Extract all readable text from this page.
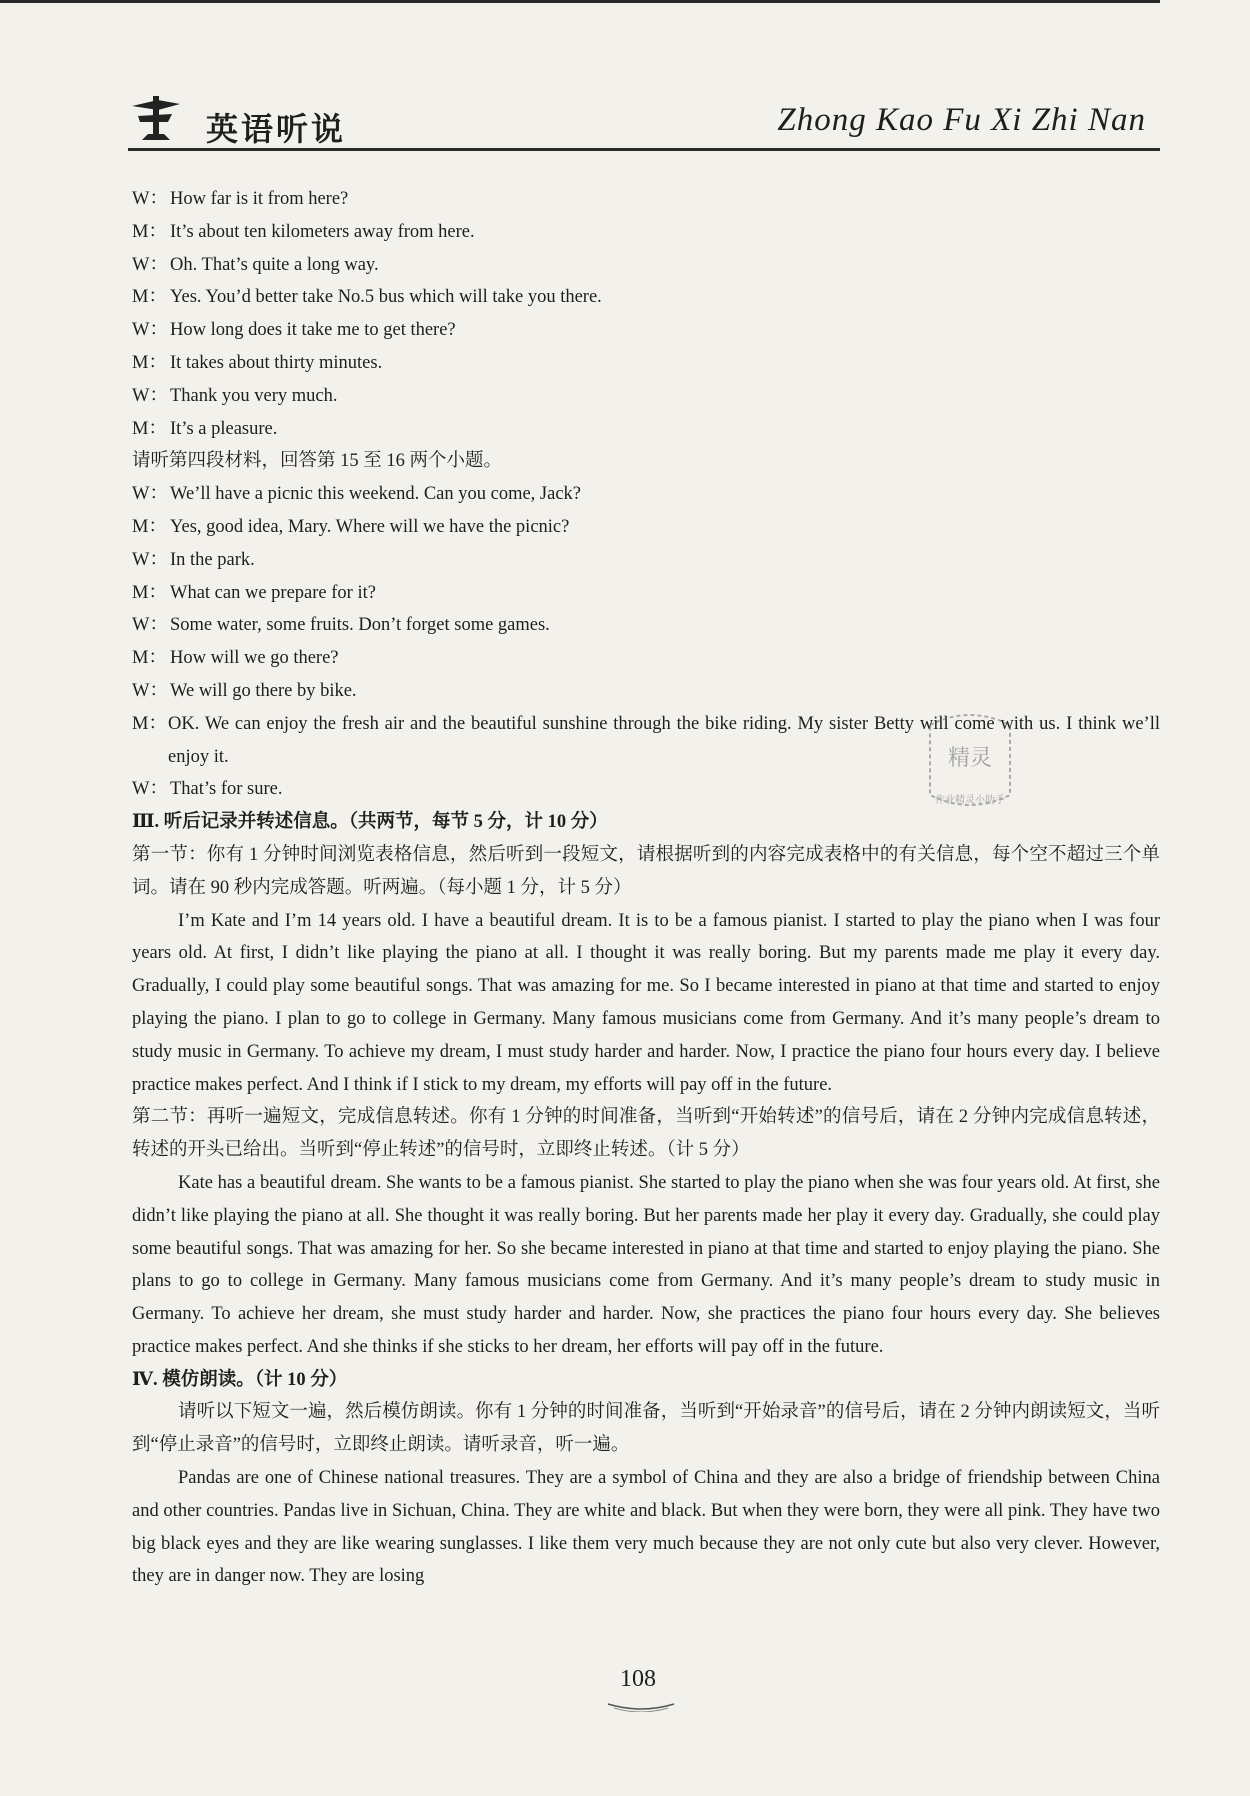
英语听说	Zhong Kao Fu Xi Zhi Nan
W： How far is it from here?
M： It’s about ten kilometers away from here.
W： Oh. That’s quite a long way.
M： Yes. You’d better take No.5 bus which will take you there.
W： How long does it take me to get there?
M： It takes about thirty minutes.
W： Thank you very much.
M： It’s a pleasure.
请听第四段材料，回答第 15 至 16 两个小题。
W： We’ll have a picnic this weekend. Can you come, Jack?
M： Yes, good idea, Mary. Where will we have the picnic?
W： In the park.
M： What can we prepare for it?
W： Some water, some fruits. Don’t forget some games.
M： How will we go there?
W： We will go there by bike.
M： OK. We can enjoy the fresh air and the beautiful sunshine through the bike riding. My sister Betty will come with us. I think we’ll enjoy it.
W： That’s for sure.
Ⅲ. 听后记录并转述信息。（共两节，每节 5 分，计 10 分）
第一节：你有 1 分钟时间浏览表格信息，然后听到一段短文，请根据听到的内容完成表格中的有关信息，每个空不超过三个单词。请在 90 秒内完成答题。听两遍。（每小题 1 分，计 5 分）
I’m Kate and I’m 14 years old. I have a beautiful dream. It is to be a famous pianist. I started to play the piano when I was four years old. At first, I didn’t like playing the piano at all. I thought it was really boring. But my parents made me play it every day. Gradually, I could play some beautiful songs. That was amazing for me. So I became interested in piano at that time and started to enjoy playing the piano. I plan to go to college in Germany. Many famous musicians come from Germany. And it’s many people’s dream to study music in Germany. To achieve my dream, I must study harder and harder. Now, I practice the piano four hours every day. I believe practice makes perfect. And I think if I stick to my dream, my efforts will pay off in the future.
第二节：再听一遍短文，完成信息转述。你有 1 分钟的时间准备，当听到“开始转述”的信号后，请在 2 分钟内完成信息转述，转述的开头已给出。当听到“停止转述”的信号时，立即终止转述。（计 5 分）
Kate has a beautiful dream. She wants to be a famous pianist. She started to play the piano when she was four years old. At first, she didn’t like playing the piano at all. She thought it was really boring. But her parents made her play it every day. Gradually, she could play some beautiful songs. That was amazing for her. So she became interested in piano at that time and started to enjoy playing the piano. She plans to go to college in Germany. Many famous musicians come from Germany. And it’s many people’s dream to study music in Germany. To achieve her dream, she must study harder and harder. Now, she practices the piano four hours every day. She believes practice makes perfect. And she thinks if she sticks to her dream, her efforts will pay off in the future.
Ⅳ. 模仿朗读。（计 10 分）
请听以下短文一遍，然后模仿朗读。你有 1 分钟的时间准备，当听到“开始录音”的信号后，请在 2 分钟内朗读短文，当听到“停止录音”的信号时，立即终止朗读。请听录音，听一遍。
Pandas are one of Chinese national treasures. They are a symbol of China and they are also a bridge of friendship between China and other countries. Pandas live in Sichuan, China. They are white and black. But when they were born, they were all pink. They have two big black eyes and they are like wearing sunglasses. I like them very much because they are not only cute but also very clever. However, they are in danger now. They are losing
精灵
作业精灵小助手
108
